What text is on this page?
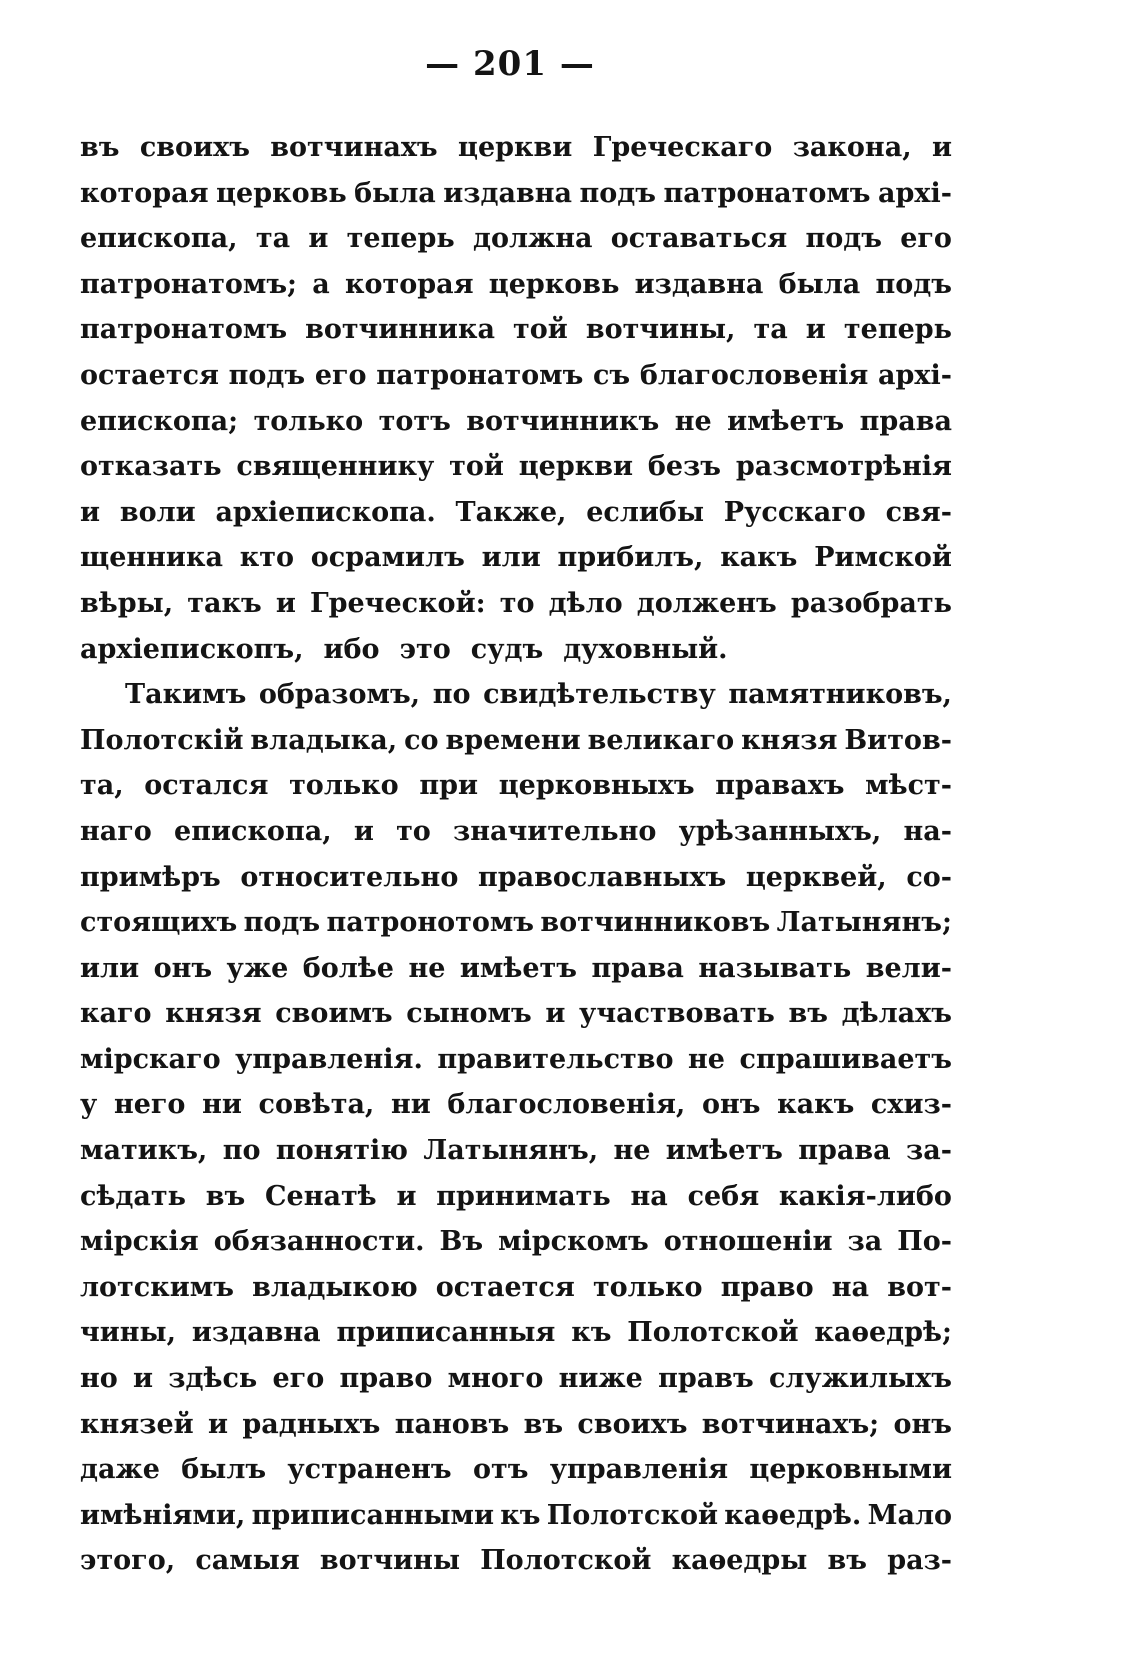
— 201 —
въ своихъ вотчинахъ церкви Греческаго закона, и
которая церковь была издавна подъ патронатомъ архі-
епископа, та и теперь должна оставаться подъ его
патронатомъ; а которая церковь издавна была подъ
патронатомъ вотчинника той вотчины, та и теперь
остается подъ его патронатомъ съ благословенія архі-
епископа; только тотъ вотчинникъ не имѣетъ права
отказать священнику той церкви безъ разсмотрѣнія
и воли архіепископа. Также, еслибы Русскаго свя-
щенника кто осрамилъ или прибилъ, какъ Римской
вѣры, такъ и Греческой: то дѣло долженъ разобрать
архіепископъ, ибо это судъ духовный.
Такимъ образомъ, по свидѣтельству памятниковъ,
Полотскій владыка, со времени великаго князя Витов-
та, остался только при церковныхъ правахъ мѣст-
наго епископа, и то значительно урѣзанныхъ, на-
примѣръ относительно православныхъ церквей, со-
стоящихъ подъ патронотомъ вотчинниковъ Латынянъ;
или онъ уже болѣе не имѣетъ права называть вели-
каго князя своимъ сыномъ и участвовать въ дѣлахъ
мірскаго управленія. правительство не спрашиваетъ
у него ни совѣта, ни благословенія, онъ какъ схиз-
матикъ, по понятію Латынянъ, не имѣетъ права за-
сѣдать въ Сенатѣ и принимать на себя какія-либо
мірскія обязанности. Въ мірскомъ отношеніи за По-
лотскимъ владыкою остается только право на вот-
чины, издавна приписанныя къ Полотской каѳедрѣ;
но и здѣсь его право много ниже правъ служилыхъ
князей и радныхъ пановъ въ своихъ вотчинахъ; онъ
даже былъ устраненъ отъ управленія церковными
имѣніями, приписанными къ Полотской каѳедрѣ. Мало
этого, самыя вотчины Полотской каѳедры въ раз-
